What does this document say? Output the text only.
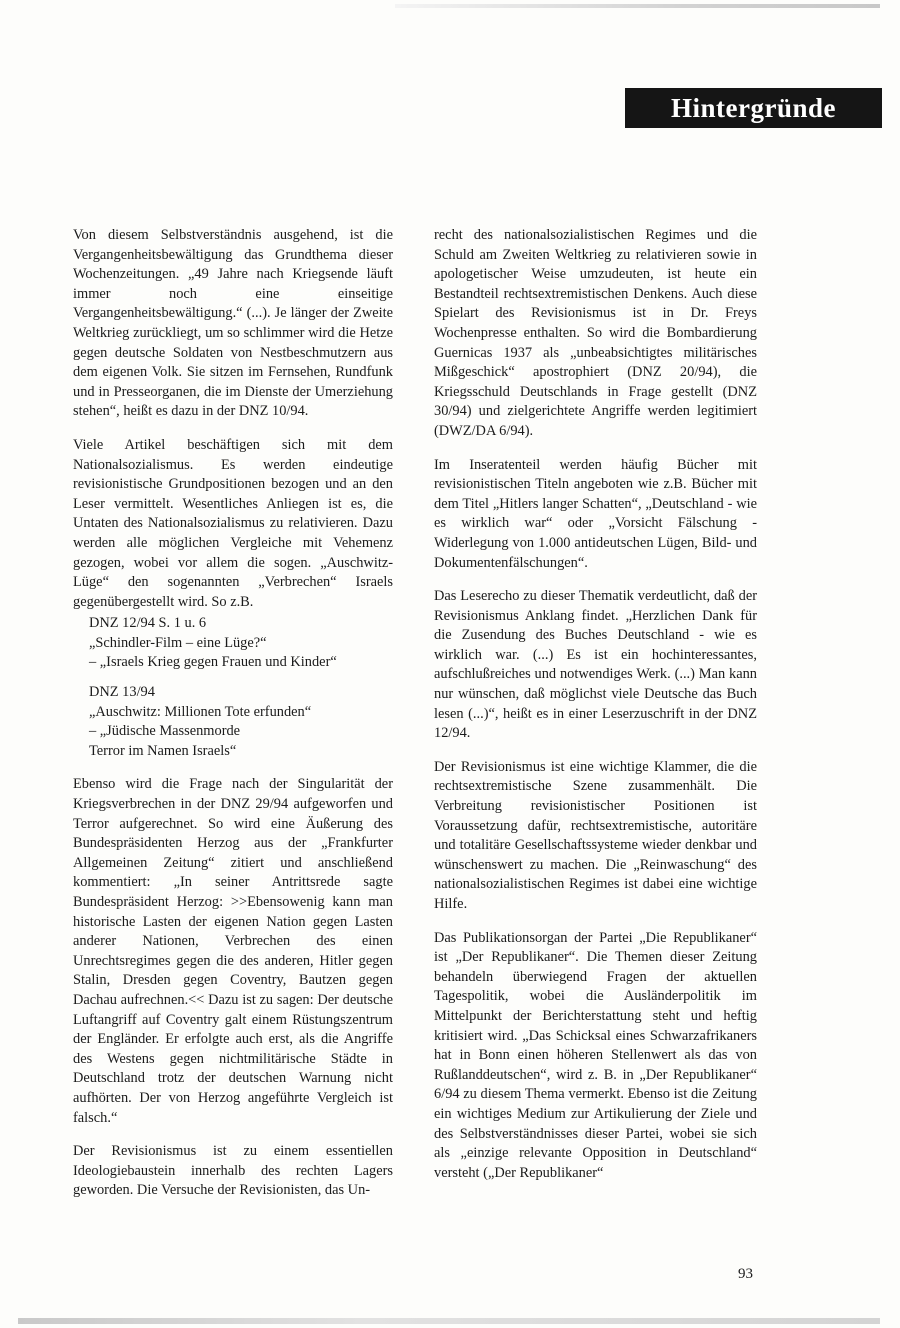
Hintergründe

Von diesem Selbstverständnis ausgehend, ist die Vergangenheitsbewältigung das Grundthema dieser Wochenzeitungen. „49 Jahre nach Kriegsende läuft immer noch eine einseitige Vergangenheitsbewältigung.“ (...). Je länger der Zweite Weltkrieg zurückliegt, um so schlimmer wird die Hetze gegen deutsche Soldaten von Nestbeschmutzern aus dem eigenen Volk. Sie sitzen im Fernsehen, Rundfunk und in Presseorganen, die im Dienste der Umerziehung stehen“, heißt es dazu in der DNZ 10/94.

Viele Artikel beschäftigen sich mit dem Nationalsozialismus. Es werden eindeutige revisionistische Grundpositionen bezogen und an den Leser vermittelt. Wesentliches Anliegen ist es, die Untaten des Nationalsozialismus zu relativieren. Dazu werden alle möglichen Vergleiche mit Vehemenz gezogen, wobei vor allem die sogen. „Auschwitz-Lüge“ den sogenannten „Verbrechen“ Israels gegenübergestellt wird. So z.B.

DNZ 12/94 S. 1 u. 6
„Schindler-Film – eine Lüge?“
– „Israels Krieg gegen Frauen und Kinder“
DNZ 13/94
„Auschwitz: Millionen Tote erfunden“
– „Jüdische Massenmorde
Terror im Namen Israels“

Ebenso wird die Frage nach der Singularität der Kriegsverbrechen in der DNZ 29/94 aufgeworfen und Terror aufgerechnet. So wird eine Äußerung des Bundespräsidenten Herzog aus der „Frankfurter Allgemeinen Zeitung“ zitiert und anschließend kommentiert: „In seiner Antrittsrede sagte Bundespräsident Herzog: >>Ebensowenig kann man historische Lasten der eigenen Nation gegen Lasten anderer Nationen, Verbrechen des einen Unrechtsregimes gegen die des anderen, Hitler gegen Stalin, Dresden gegen Coventry, Bautzen gegen Dachau aufrechnen.<< Dazu ist zu sagen: Der deutsche Luftangriff auf Coventry galt einem Rüstungszentrum der Engländer. Er erfolgte auch erst, als die Angriffe des Westens gegen nichtmilitärische Städte in Deutschland trotz der deutschen Warnung nicht aufhörten. Der von Herzog angeführte Vergleich ist falsch.“

Der Revisionismus ist zu einem essentiellen Ideologiebaustein innerhalb des rechten Lagers geworden. Die Versuche der Revisionisten, das Un-

recht des nationalsozialistischen Regimes und die Schuld am Zweiten Weltkrieg zu relativieren sowie in apologetischer Weise umzudeuten, ist heute ein Bestandteil rechtsextremistischen Denkens. Auch diese Spielart des Revisionismus ist in Dr. Freys Wochenpresse enthalten. So wird die Bombardierung Guernicas 1937 als „unbeabsichtigtes militärisches Mißgeschick“ apostrophiert (DNZ 20/94), die Kriegsschuld Deutschlands in Frage gestellt (DNZ 30/94) und zielgerichtete Angriffe werden legitimiert (DWZ/DA 6/94).

Im Inseratenteil werden häufig Bücher mit revisionistischen Titeln angeboten wie z.B. Bücher mit dem Titel „Hitlers langer Schatten“, „Deutschland - wie es wirklich war“ oder „Vorsicht Fälschung - Widerlegung von 1.000 antideutschen Lügen, Bild- und Dokumentenfälschungen“.

Das Leserecho zu dieser Thematik verdeutlicht, daß der Revisionismus Anklang findet. „Herzlichen Dank für die Zusendung des Buches Deutschland - wie es wirklich war. (...) Es ist ein hochinteressantes, aufschlußreiches und notwendiges Werk. (...) Man kann nur wünschen, daß möglichst viele Deutsche das Buch lesen (...)“, heißt es in einer Leserzuschrift in der DNZ 12/94.

Der Revisionismus ist eine wichtige Klammer, die die rechtsextremistische Szene zusammenhält. Die Verbreitung revisionistischer Positionen ist Voraussetzung dafür, rechtsextremistische, autoritäre und totalitäre Gesellschaftssysteme wieder denkbar und wünschenswert zu machen. Die „Reinwaschung“ des nationalsozialistischen Regimes ist dabei eine wichtige Hilfe.

Das Publikationsorgan der Partei „Die Republikaner“ ist „Der Republikaner“. Die Themen dieser Zeitung behandeln überwiegend Fragen der aktuellen Tagespolitik, wobei die Ausländerpolitik im Mittelpunkt der Berichterstattung steht und heftig kritisiert wird. „Das Schicksal eines Schwarzafrikaners hat in Bonn einen höheren Stellenwert als das von Rußlanddeutschen“, wird z. B. in „Der Republikaner“ 6/94 zu diesem Thema vermerkt. Ebenso ist die Zeitung ein wichtiges Medium zur Artikulierung der Ziele und des Selbstverständnisses dieser Partei, wobei sie sich als „einzige relevante Opposition in Deutschland“ versteht („Der Republikaner“

93
